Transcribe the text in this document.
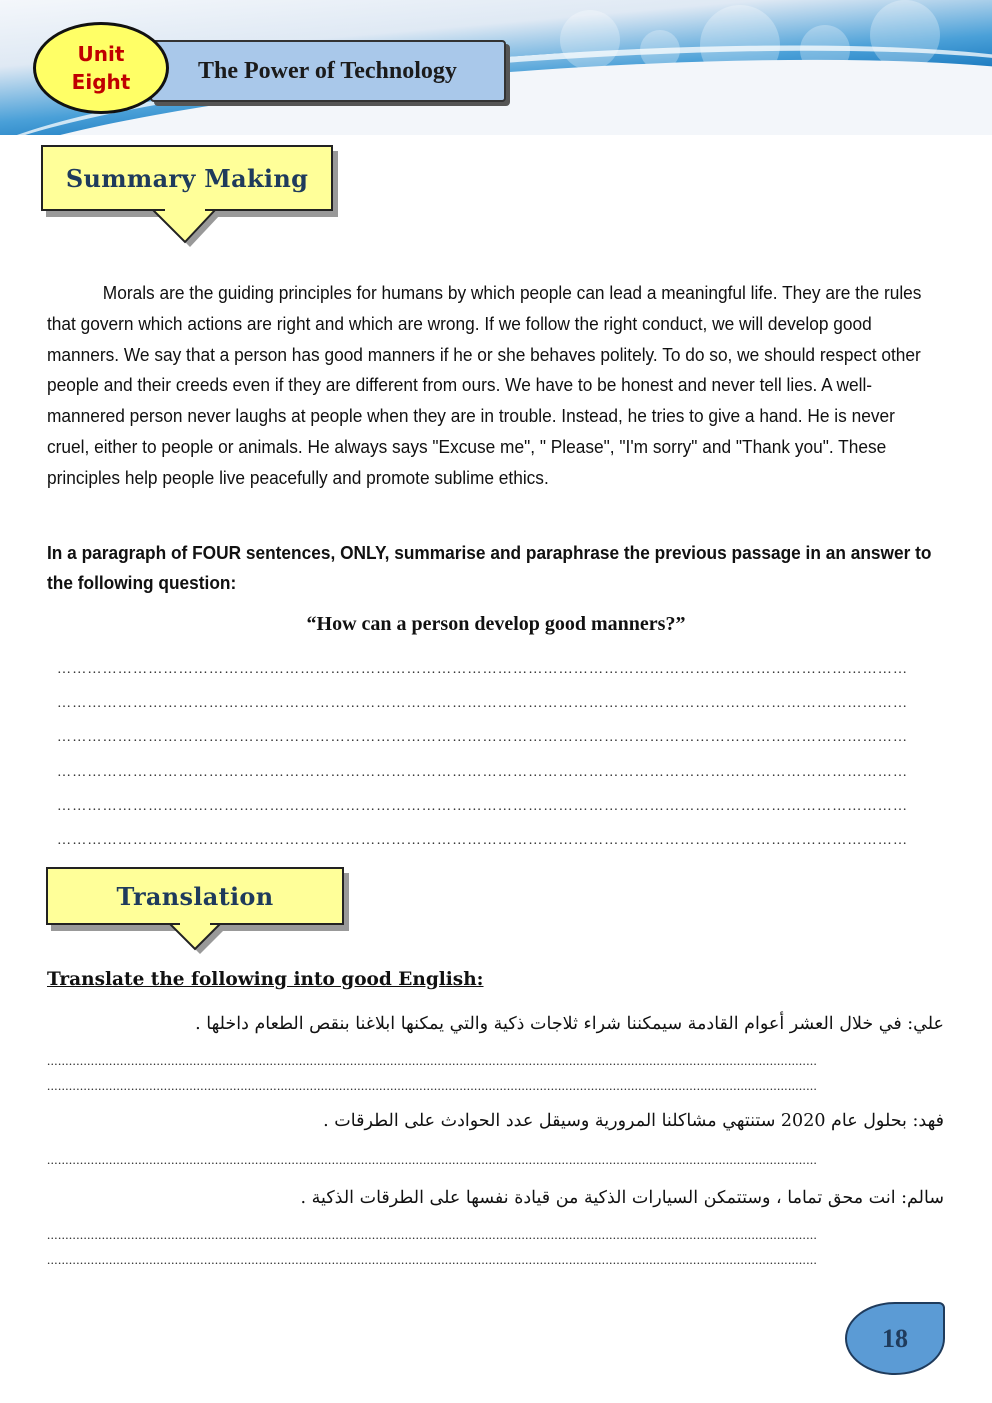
Unit
Eight	The Power of Technology
Summary Making
Morals are the guiding principles for humans by which people can lead a meaningful life. They are the rules that govern which actions are right and which are wrong. If we follow the right conduct, we will develop good manners. We say that a person has good manners if he or she behaves politely. To do so, we should respect other people and their creeds even if they are different from ours. We have to be honest and never tell lies. A well-mannered person never laughs at people when they are in trouble. Instead, he tries to give a hand. He is never cruel, either to people or animals. He always says "Excuse me", " Please", "I'm sorry" and "Thank you". These principles help people live peacefully and promote sublime ethics.
In a paragraph of FOUR sentences, ONLY, summarise and paraphrase the previous passage in an answer to the following question:
“How can a person develop good manners?”
……………………………………………………………………………………………………………………………………………………
……………………………………………………………………………………………………………………………………………………
……………………………………………………………………………………………………………………………………………………
……………………………………………………………………………………………………………………………………………………
……………………………………………………………………………………………………………………………………………………
……………………………………………………………………………………………………………………………………………………
Translation
Translate the following into good English:
علي: في خلال العشر أعوام القادمة سيمكننا شراء ثلاجات ذكية والتي يمكنها ابلاغنا بنقص الطعام داخلها .
...................................................................................................................................................................................................................
...................................................................................................................................................................................................................
فهد: بحلول عام 2020 ستنتهي مشاكلنا المرورية وسيقل عدد الحوادث على الطرقات .
...................................................................................................................................................................................................................
سالم: انت محق تماما ، وستتمكن السيارات الذكية من قيادة نفسها على الطرقات الذكية .
...................................................................................................................................................................................................................
...................................................................................................................................................................................................................
18
